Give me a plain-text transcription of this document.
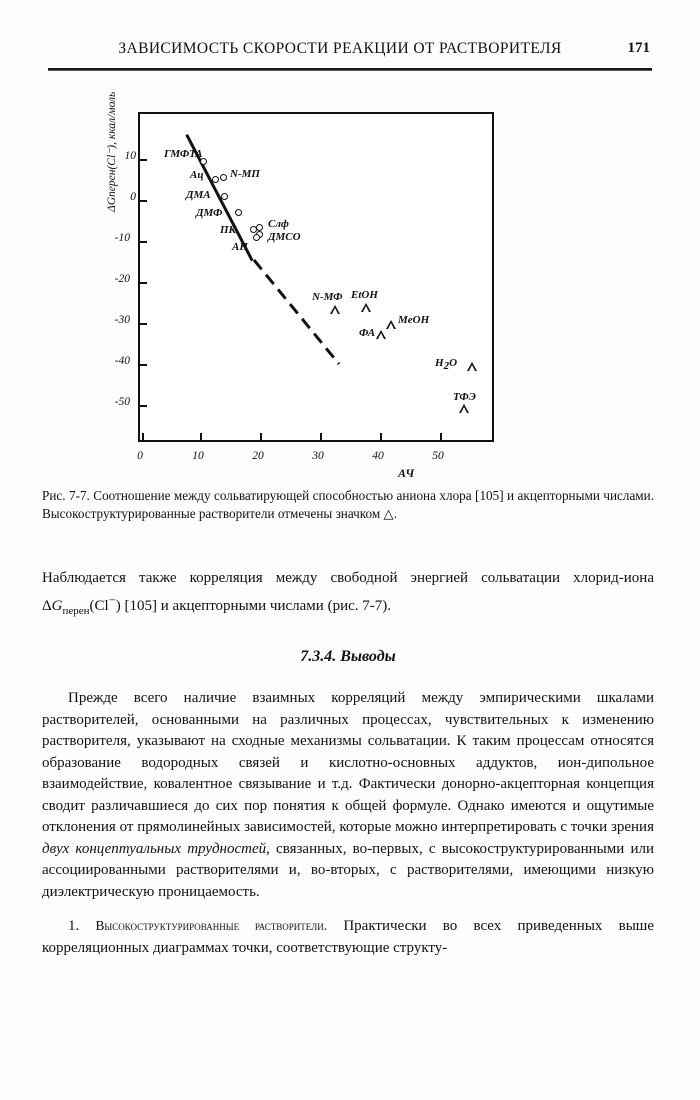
ЗАВИСИМОСТЬ СКОРОСТИ РЕАКЦИИ ОТ РАСТВОРИТЕЛЯ	171
ΔGперен(Cl⁻), ккал/моль 10
0
-10
-20
-30
-40
-50
0	10	20	30	40	50
АЧ
ГМФТА
Ац N-МП
ДМА
ДМФ
ПК	Слф
ДМСО
АН
N-МФ EtOH
MeOH
ФА
H2O
ТФЭ
Рис. 7-7. Соотношение между сольватирующей способностью аниона хлора [105] и акцепторными числами. Высокоструктурированные растворители отмечены значком △.
Наблюдается также корреляция между свободной энергией сольватации хлорид-иона $\Delta G_{перен}(Cl^-)$ [105] и акцепторными числами (рис. 7-7).
7.3.4. Выводы
Прежде всего наличие взаимных корреляций между эмпирическими шкалами растворителей, основанными на различных процессах, чувствительных к изменению растворителя, указывают на сходные механизмы сольватации. К таким процессам относятся образование водородных связей и кислотно-основных аддуктов, ион-дипольное взаимодействие, ковалентное связывание и т.д. Фактически донорно-акцепторная концепция сводит различавшиеся до сих пор понятия к общей формуле. Однако имеются и ощутимые отклонения от прямолинейных зависимостей, которые можно интерпретировать с точки зрения двух концептуальных трудностей, связанных, во-первых, с высокоструктурированными или ассоциированными растворителями и, во-вторых, с растворителями, имеющими низкую диэлектрическую проницаемость.
1. Высокоструктурированные растворители. Практически во всех приведенных выше корреляционных диаграммах точки, соответствующие структу-
